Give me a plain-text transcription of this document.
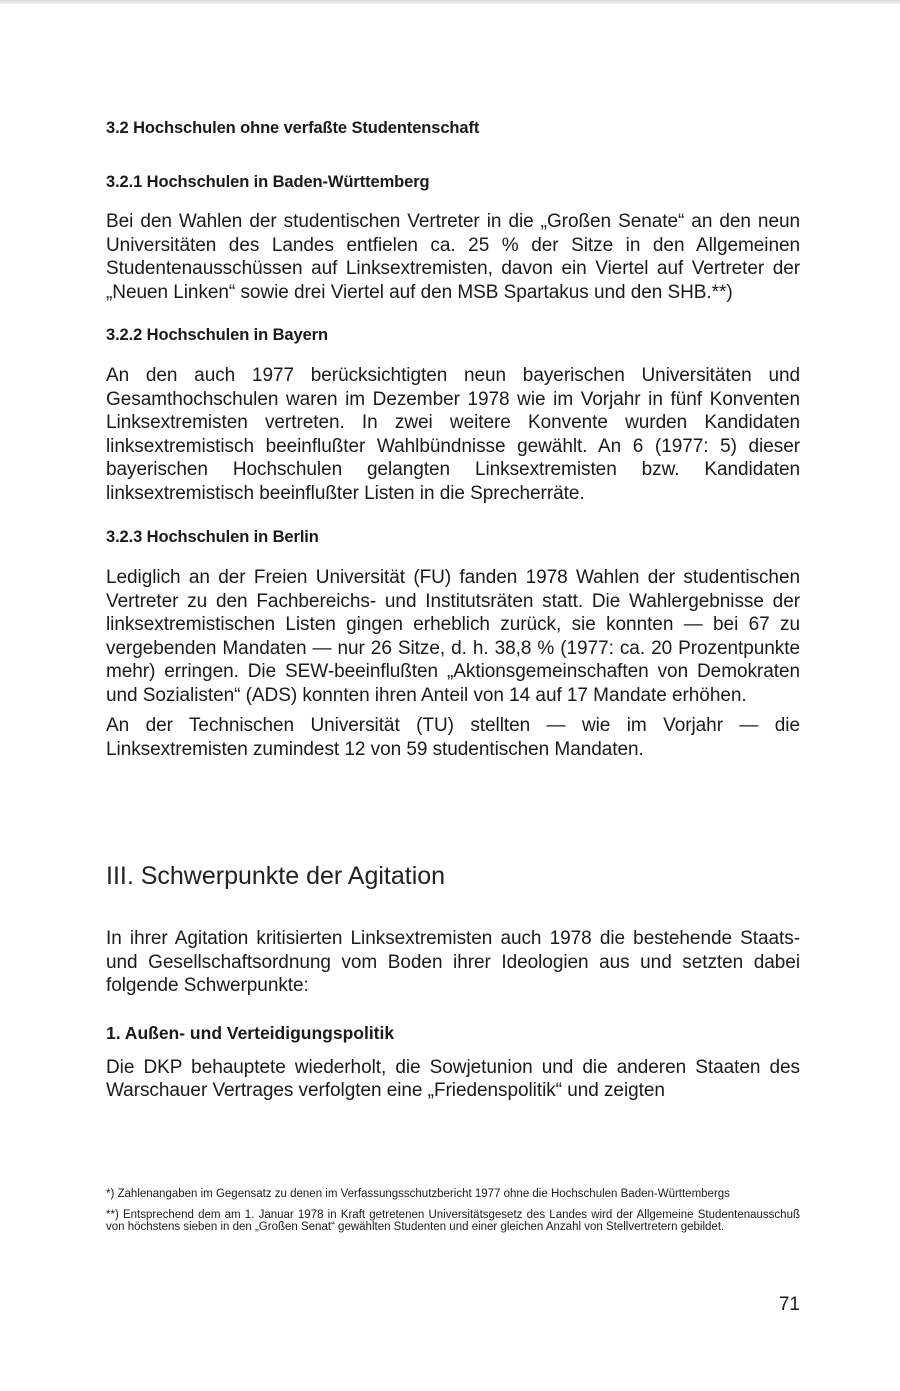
3.2 Hochschulen ohne verfaßte Studentenschaft
3.2.1 Hochschulen in Baden-Württemberg

Bei den Wahlen der studentischen Vertreter in die „Großen Senate“ an den neun Universitäten des Landes entfielen ca. 25 % der Sitze in den Allgemeinen Studentenausschüssen auf Linksextremisten, davon ein Viertel auf Vertreter der „Neuen Linken“ sowie drei Viertel auf den MSB Spartakus und den SHB.**)

3.2.2 Hochschulen in Bayern

An den auch 1977 berücksichtigten neun bayerischen Universitäten und Gesamthochschulen waren im Dezember 1978 wie im Vorjahr in fünf Konventen Linksextremisten vertreten. In zwei weitere Konvente wurden Kandidaten linksextremistisch beeinflußter Wahlbündnisse gewählt. An 6 (1977: 5) dieser bayerischen Hochschulen gelangten Linksextremisten bzw. Kandidaten linksextremistisch beeinflußter Listen in die Sprecherräte.

3.2.3 Hochschulen in Berlin

Lediglich an der Freien Universität (FU) fanden 1978 Wahlen der studentischen Vertreter zu den Fachbereichs- und Institutsräten statt. Die Wahlergebnisse der linksextremistischen Listen gingen erheblich zurück, sie konnten — bei 67 zu vergebenden Mandaten — nur 26 Sitze, d. h. 38,8 % (1977: ca. 20 Prozentpunkte mehr) erringen. Die SEW-beeinflußten „Aktionsgemeinschaften von Demokraten und Sozialisten“ (ADS) konnten ihren Anteil von 14 auf 17 Mandate erhöhen.

An der Technischen Universität (TU) stellten — wie im Vorjahr — die Linksextremisten zumindest 12 von 59 studentischen Mandaten.

III. Schwerpunkte der Agitation

In ihrer Agitation kritisierten Linksextremisten auch 1978 die bestehende Staats- und Gesellschaftsordnung vom Boden ihrer Ideologien aus und setzten dabei folgende Schwerpunkte:

1. Außen- und Verteidigungspolitik

Die DKP behauptete wiederholt, die Sowjetunion und die anderen Staaten des Warschauer Vertrages verfolgten eine „Friedenspolitik“ und zeigten

*) Zahlenangaben im Gegensatz zu denen im Verfassungsschutzbericht 1977 ohne die Hochschulen Baden-Württembergs

**) Entsprechend dem am 1. Januar 1978 in Kraft getretenen Universitätsgesetz des Landes wird der Allgemeine Studentenausschuß von höchstens sieben in den „Großen Senat“ gewählten Studenten und einer gleichen Anzahl von Stellvertretern gebildet.

71
